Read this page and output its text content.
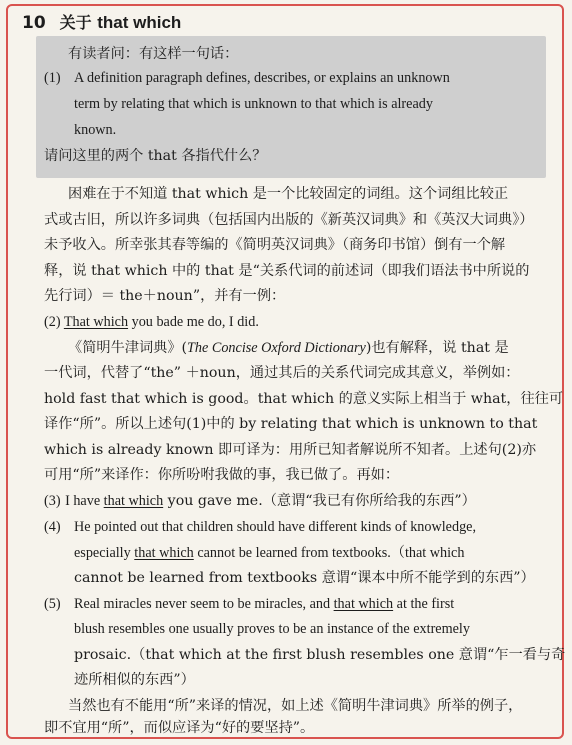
10 关于 that which
有读者问：有这样一句话：
(1) A definition paragraph defines, describes, or explains an unknown
term by relating that which is unknown to that which is already
known.
请问这里的两个 that 各指代什么？
困难在于不知道 that which 是一个比较固定的词组。这个词组比较正
式或古旧，所以许多词典（包括国内出版的《新英汉词典》和《英汉大词典》）
未予收入。所幸张其春等编的《简明英汉词典》（商务印书馆）倒有一个解
释，说 that which 中的 that 是“关系代词的前述词（即我们语法书中所说的
先行词）＝ the＋noun”，并有一例：
(2) That which you bade me do, I did.
《简明牛津词典》(The Concise Oxford Dictionary)也有解释，说 that 是
一代词，代替了“the” ＋noun，通过其后的关系代词完成其意义，举例如：
hold fast that which is good。that which 的意义实际上相当于 what，往往可
译作“所”。所以上述句(1)中的 by relating that which is unknown to that
which is already known 即可译为：用所已知者解说所不知者。上述句(2)亦
可用“所”来译作：你所吩咐我做的事，我已做了。再如：
(3) I have that which you gave me.（意谓“我已有你所给我的东西”）
(4) He pointed out that children should have different kinds of knowledge,
especially that which cannot be learned from textbooks.（that which
cannot be learned from textbooks 意谓“课本中所不能学到的东西”）
(5) Real miracles never seem to be miracles, and that which at the first
blush resembles one usually proves to be an instance of the extremely
prosaic.（that which at the first blush resembles one 意谓“乍一看与奇
迹所相似的东西”）
当然也有不能用“所”来译的情况，如上述《简明牛津词典》所举的例子，
即不宜用“所”，而似应译为“好的要坚持”。
